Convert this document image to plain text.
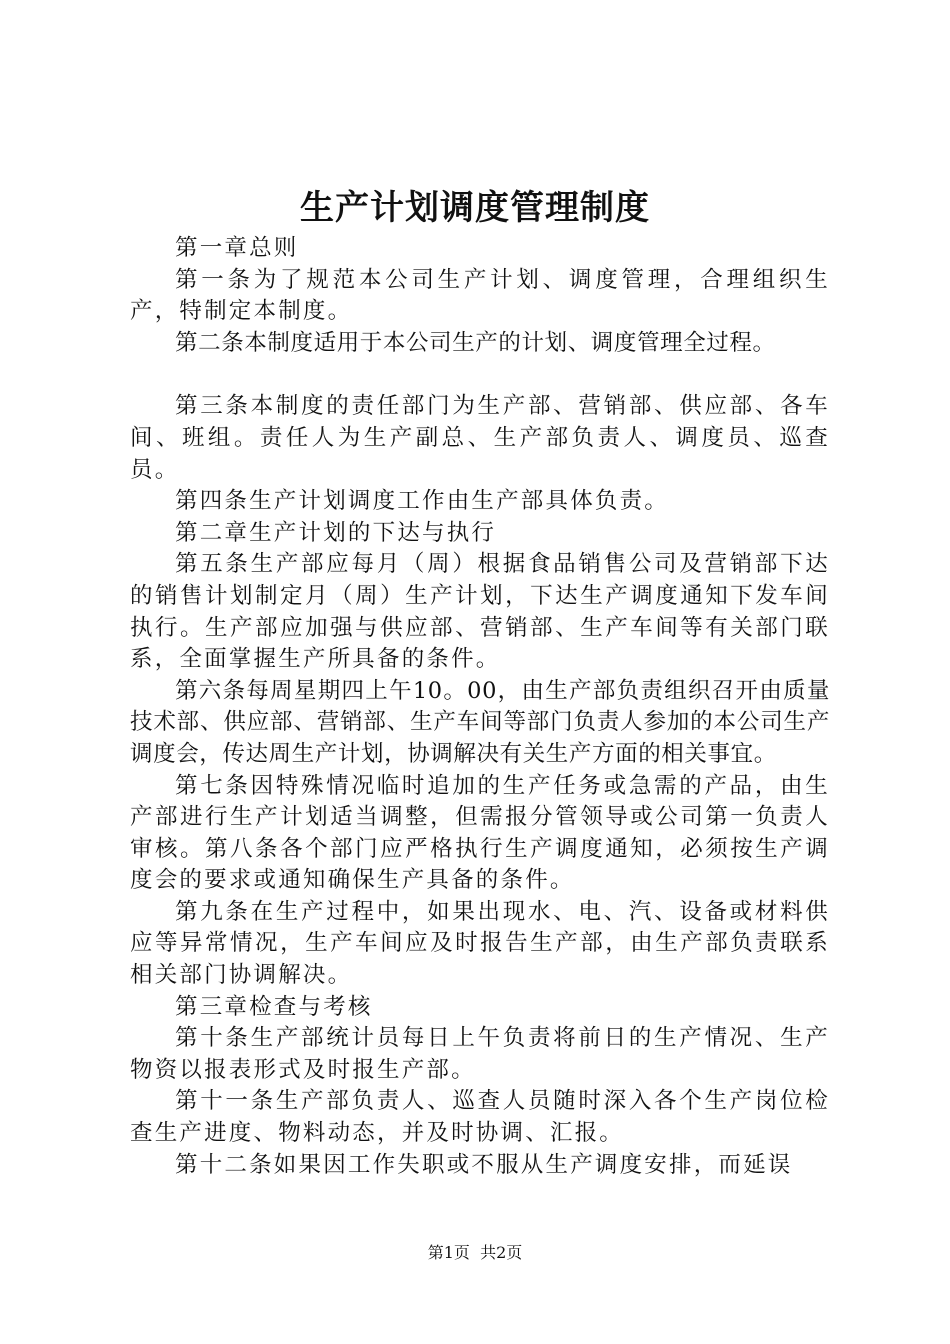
生产计划调度管理制度

第一章总则

第一条为了规范本公司生产计划、调度管理，合理组织生产，特制定本制度。

第二条本制度适用于本公司生产的计划、调度管理全过程。

第三条本制度的责任部门为生产部、营销部、供应部、各车间、班组。责任人为生产副总、生产部负责人、调度员、巡查员。

第四条生产计划调度工作由生产部具体负责。

第二章生产计划的下达与执行

第五条生产部应每月（周）根据食品销售公司及营销部下达的销售计划制定月（周）生产计划，下达生产调度通知下发车间执行。生产部应加强与供应部、营销部、生产车间等有关部门联系，全面掌握生产所具备的条件。

第六条每周星期四上午10。00，由生产部负责组织召开由质量技术部、供应部、营销部、生产车间等部门负责人参加的本公司生产调度会，传达周生产计划，协调解决有关生产方面的相关事宜。

第七条因特殊情况临时追加的生产任务或急需的产品，由生产部进行生产计划适当调整，但需报分管领导或公司第一负责人审核。第八条各个部门应严格执行生产调度通知，必须按生产调度会的要求或通知确保生产具备的条件。

第九条在生产过程中，如果出现水、电、汽、设备或材料供应等异常情况，生产车间应及时报告生产部，由生产部负责联系相关部门协调解决。

第三章检查与考核

第十条生产部统计员每日上午负责将前日的生产情况、生产物资以报表形式及时报生产部。

第十一条生产部负责人、巡查人员随时深入各个生产岗位检查生产进度、物料动态，并及时协调、汇报。

第十二条如果因工作失职或不服从生产调度安排，而延误

第1页 共2页
